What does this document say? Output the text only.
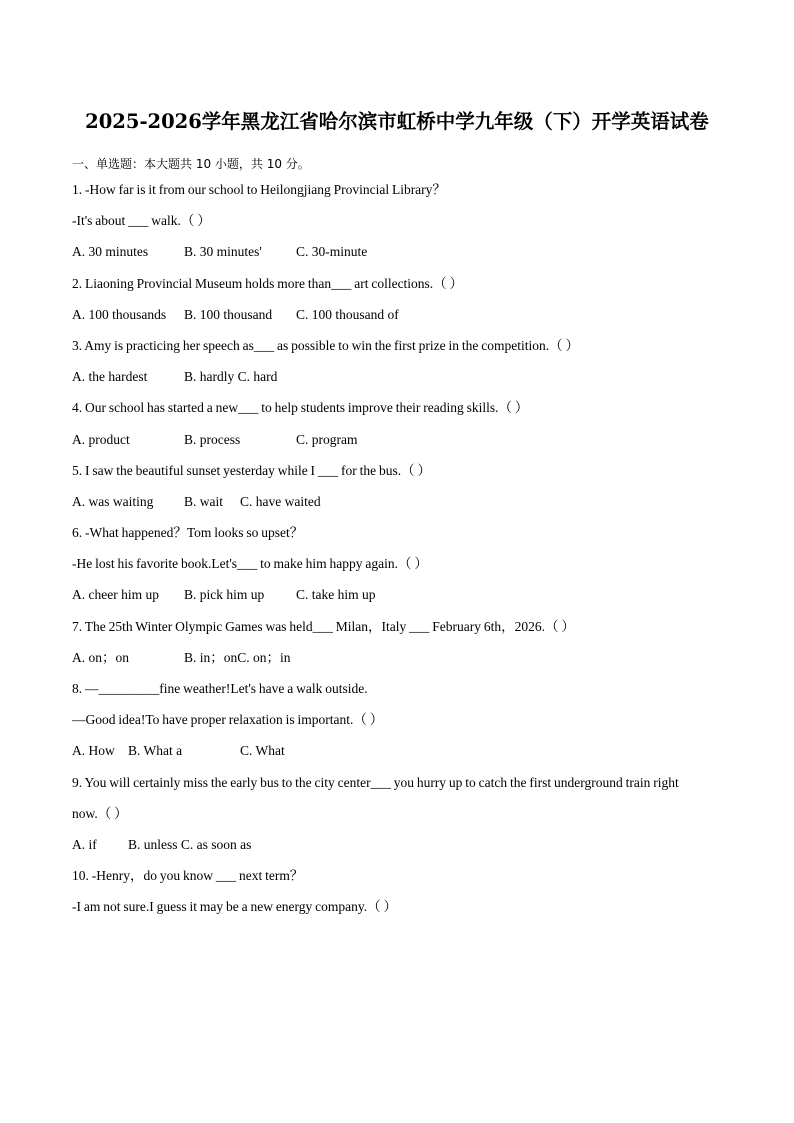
2025-2026学年黑龙江省哈尔滨市虹桥中学九年级（下）开学英语试卷
一、单选题：本大题共 10 小题，共 10 分。
1. -How far is it from our school to Heilongjiang Provincial Library？
-It's about ___ walk.（ ）
A. 30 minutes	B. 30 minutes'	C. 30-minute
2. Liaoning Provincial Museum holds more than___ art collections.（ ）
A. 100 thousands B. 100 thousand C. 100 thousand of
3. Amy is practicing her speech as___ as possible to win the first prize in the competition.（ ）
A. the hardest	B. hardly C. hard
4. Our school has started a new___ to help students improve their reading skills.（ ）
A. product	B. process	C. program
5. I saw the beautiful sunset yesterday while I ___ for the bus.（ ）
A. was waiting B. wait C. have waited
6. -What happened？Tom looks so upset？
-He lost his favorite book.Let's___ to make him happy again.（ ）
A. cheer him up B. pick him up C. take him up
7. The 25th Winter Olympic Games was held___ Milan，Italy ___ February 6th，2026.（ ）
A. on；on	B. in；onC. on；in
8. —_________fine weather!Let's have a walk outside.
—Good idea!To have proper relaxation is important.（ ）
A. How B. What a	C. What
9. You will certainly miss the early bus to the city center___ you hurry up to catch the first underground train right
now.（ ）
A. if B. unless C. as soon as
10. -Henry，do you know ___ next term？
-I am not sure.I guess it may be a new energy company.（ ）
